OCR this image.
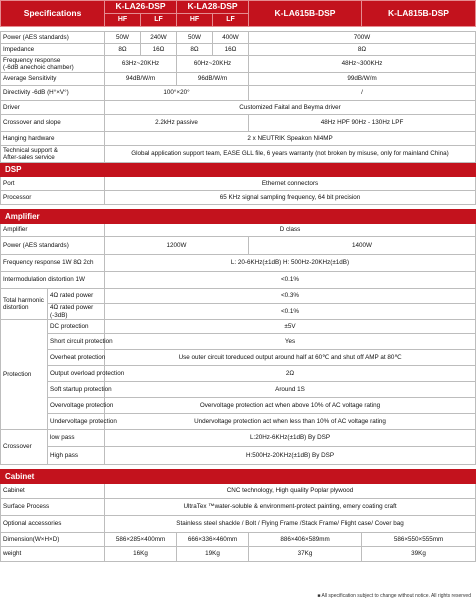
Specifications		K-LA26-DSP		K-LA28-DSP		K-LA615B-DSP	K-LA815B-DSP
		HF	LF	HF	LF		

Power (AES standards)		50W	240W	50W	400W	700W	
Impedance		8Ω	16Ω	8Ω	16Ω	8Ω	
Frequency response
(-6dB anechoic chamber)		63Hz~20KHz		60Hz~20KHz		48Hz~300KHz	
Average Sensitivity		94dB/W/m		96dB/W/m		99dB/W/m	
Directivity -6dB (H°×V°)		100°×20°				/	
Driver		Customized Faital and Beyma driver					
Crossover and slope		2.2kHz passive				48Hz HPF 90Hz - 130Hz LPF	
Hanging hardware		2 x NEUTRIK Speakon NI4MP					
Technical support &
After-sales service		Global application support team, EASE GLL file, 6 years warranty (not broken by misuse, only for mainland China)					
DSP							
Port		Ethernet connectors					
Processor		65 KHz signal sampling frequency, 64 bit precision					

Amplifier							
Amplifier		D class					
Power (AES standards)		1200W				1400W	
Frequency response 1W 8Ω 2ch		L: 20-6KHz(±1dB) H: 500Hz-20KHz(±1dB)					
Intermodulation distortion 1W		<0.1%					
Total harmonic
distortion	4Ω rated power	<0.3%					
	4Ω rated power
(-3dB)	<0.1%					
Protection	DC protection	±5V					
	Short circuit protection	Yes					
	Overheat protection	Use outer circuit toreduced output around half at 60℃ and shut off AMP at 80℃					
	Output overload protection	2Ω					
	Soft startup protection	Around 1S					
	Overvoltage protection	Overvoltage protection act when above 10% of AC voltage rating					
	Undervoltage protection	Undervoltage protection act when less than 10% of AC voltage rating					
Crossover	low pass	L:20Hz-6KHz(±1dB) By DSP					
	High pass	H:500Hz-20KHz(±1dB) By DSP					

Cabinet							
Cabinet		CNC technology, High quality Poplar plywood					
Surface Process		UltraTex ™water-soluble & environment-protect painting, emery coating craft					
Optional accessories		Stainless steel shackle / Bolt / Flying Frame /Stack Frame/ Flight case/ Cover bag					
Dimension(W×H×D)		586×285×400mm		666×336×460mm		886×406×589mm	586×550×555mm
weight		16Kg		19Kg		37Kg	39Kg
■ All specification subject to change without notice. All rights reserved
